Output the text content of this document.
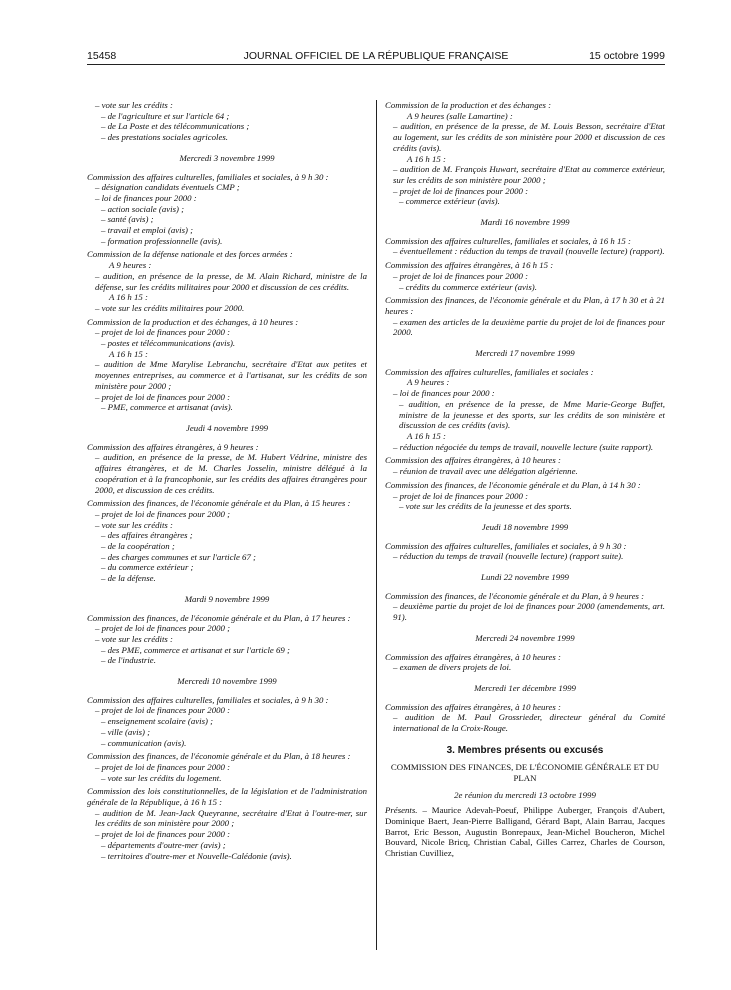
15458	JOURNAL OFFICIEL DE LA RÉPUBLIQUE FRANÇAISE	15 octobre 1999
– vote sur les crédits :
– de l'agriculture et sur l'article 64 ;
– de La Poste et des télécommunications ;
– des prestations sociales agricoles.
Mercredi 3 novembre 1999
Commission des affaires culturelles, familiales et sociales, à 9 h 30 :
– désignation candidats éventuels CMP ;
– loi de finances pour 2000 :
– action sociale (avis) ;
– santé (avis) ;
– travail et emploi (avis) ;
– formation professionnelle (avis).
Commission de la défense nationale et des forces armées :
A 9 heures :
– audition, en présence de la presse, de M. Alain Richard, ministre de la défense, sur les crédits militaires pour 2000 et discussion de ces crédits.
A 16 h 15 :
– vote sur les crédits militaires pour 2000.
Commission de la production et des échanges, à 10 heures :
– projet de loi de finances pour 2000 :
– postes et télécommunications (avis).
A 16 h 15 :
– audition de Mme Marylise Lebranchu, secrétaire d'Etat aux petites et moyennes entreprises, au commerce et à l'artisanat, sur les crédits de son ministère pour 2000 ;
– projet de loi de finances pour 2000 :
– PME, commerce et artisanat (avis).
Jeudi 4 novembre 1999
Commission des affaires étrangères, à 9 heures :
– audition, en présence de la presse, de M. Hubert Védrine, ministre des affaires étrangères, et de M. Charles Josselin, ministre délégué à la coopération et à la francophonie, sur les crédits des affaires étrangères pour 2000, et discussion de ces crédits.
Commission des finances, de l'économie générale et du Plan, à 15 heures :
– projet de loi de finances pour 2000 ;
– vote sur les crédits :
– des affaires étrangères ;
– de la coopération ;
– des charges communes et sur l'article 67 ;
– du commerce extérieur ;
– de la défense.
Mardi 9 novembre 1999
Commission des finances, de l'économie générale et du Plan, à 17 heures :
– projet de loi de finances pour 2000 ;
– vote sur les crédits :
– des PME, commerce et artisanat et sur l'article 69 ;
– de l'industrie.
Mercredi 10 novembre 1999
Commission des affaires culturelles, familiales et sociales, à 9 h 30 :
– projet de loi de finances pour 2000 :
– enseignement scolaire (avis) ;
– ville (avis) ;
– communication (avis).
Commission des finances, de l'économie générale et du Plan, à 18 heures :
– projet de loi de finances pour 2000 :
– vote sur les crédits du logement.
Commission des lois constitutionnelles, de la législation et de l'administration générale de la République, à 16 h 15 :
– audition de M. Jean-Jack Queyranne, secrétaire d'Etat à l'outre-mer, sur les crédits de son ministère pour 2000 ;
– projet de loi de finances pour 2000 :
– départements d'outre-mer (avis) ;
– territoires d'outre-mer et Nouvelle-Calédonie (avis).
Commission de la production et des échanges :
A 9 heures (salle Lamartine) :
– audition, en présence de la presse, de M. Louis Besson, secrétaire d'Etat au logement, sur les crédits de son ministère pour 2000 et discussion de ces crédits (avis).
A 16 h 15 :
– audition de M. François Huwart, secrétaire d'Etat au commerce extérieur, sur les crédits de son ministère pour 2000 ;
– projet de loi de finances pour 2000 :
– commerce extérieur (avis).
Mardi 16 novembre 1999
Commission des affaires culturelles, familiales et sociales, à 16 h 15 :
– éventuellement : réduction du temps de travail (nouvelle lecture) (rapport).
Commission des affaires étrangères, à 16 h 15 :
– projet de loi de finances pour 2000 :
– crédits du commerce extérieur (avis).
Commission des finances, de l'économie générale et du Plan, à 17 h 30 et à 21 heures :
– examen des articles de la deuxième partie du projet de loi de finances pour 2000.
Mercredi 17 novembre 1999
Commission des affaires culturelles, familiales et sociales :
A 9 heures :
– loi de finances pour 2000 :
– audition, en présence de la presse, de Mme Marie-George Buffet, ministre de la jeunesse et des sports, sur les crédits de son ministère et discussion de ces crédits (avis).
A 16 h 15 :
– réduction négociée du temps de travail, nouvelle lecture (suite rapport).
Commission des affaires étrangères, à 10 heures :
– réunion de travail avec une délégation algérienne.
Commission des finances, de l'économie générale et du Plan, à 14 h 30 :
– projet de loi de finances pour 2000 :
– vote sur les crédits de la jeunesse et des sports.
Jeudi 18 novembre 1999
Commission des affaires culturelles, familiales et sociales, à 9 h 30 :
– réduction du temps de travail (nouvelle lecture) (rapport suite).
Lundi 22 novembre 1999
Commission des finances, de l'économie générale et du Plan, à 9 heures :
– deuxième partie du projet de loi de finances pour 2000 (amendements, art. 91).
Mercredi 24 novembre 1999
Commission des affaires étrangères, à 10 heures :
– examen de divers projets de loi.
Mercredi 1er décembre 1999
Commission des affaires étrangères, à 10 heures :
– audition de M. Paul Grossrieder, directeur général du Comité international de la Croix-Rouge.
3. Membres présents ou excusés
COMMISSION DES FINANCES, DE L'ÉCONOMIE GÉNÉRALE ET DU PLAN
2e réunion du mercredi 13 octobre 1999

Présents. – Maurice Adevah-Poeuf, Philippe Auberger, François d'Aubert, Dominique Baert, Jean-Pierre Balligand, Gérard Bapt, Alain Barrau, Jacques Barrot, Eric Besson, Augustin Bonrepaux, Jean-Michel Boucheron, Michel Bouvard, Nicole Bricq, Christian Cabal, Gilles Carrez, Charles de Courson, Christian Cuvilliez,
